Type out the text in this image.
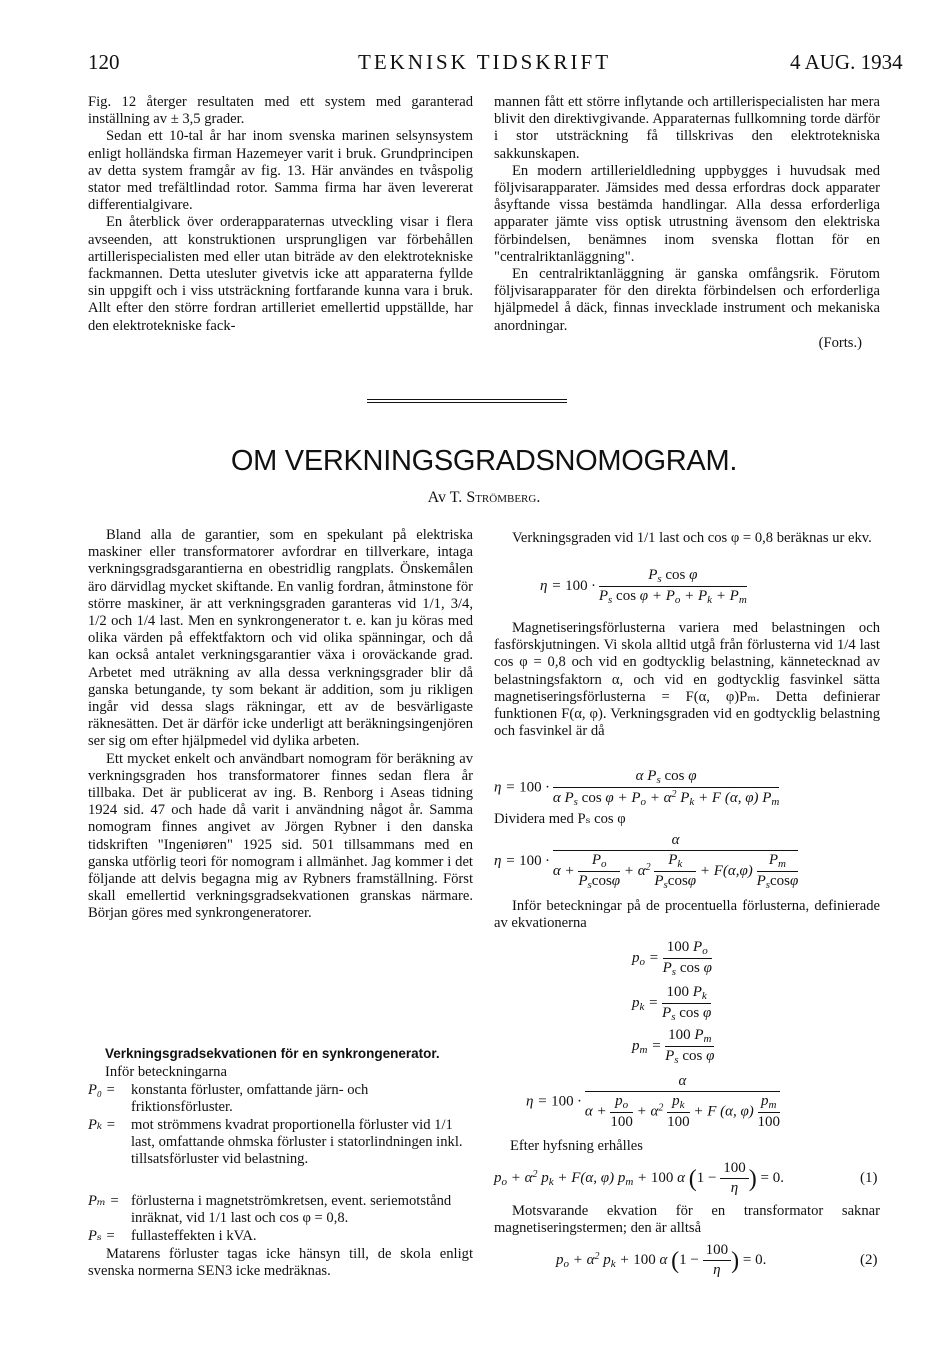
120	TEKNISK TIDSKRIFT	4 AUG. 1934

Fig. 12 återger resultaten med ett system med garanterad inställning av ± 3,5 grader.

Sedan ett 10-tal år har inom svenska marinen selsynsystem enligt holländska firman Hazemeyer varit i bruk. Grundprincipen av detta system framgår av fig. 13. Här användes en tvåspolig stator med trefältlindad rotor. Samma firma har även levererat differentialgivare.

En återblick över orderapparaternas utveckling visar i flera avseenden, att konstruktionen ursprungligen var förbehållen artillerispecialisten med eller utan biträde av den elektrotekniske fackmannen. Detta utesluter givetvis icke att apparaterna fyllde sin uppgift och i viss utsträckning fortfarande kunna vara i bruk. Allt efter den större fordran artilleriet emellertid uppställde, har den elektrotekniske fack-

mannen fått ett större inflytande och artillerispecialisten har mera blivit den direktivgivande. Apparaternas fullkomning torde därför i stor utsträckning få tillskrivas den elektrotekniska sakkunskapen.

En modern artillerieldledning uppbygges i huvudsak med följvisarapparater. Jämsides med dessa erfordras dock apparater åsyftande vissa bestämda handlingar. Alla dessa erforderliga apparater jämte viss optisk utrustning ävensom den elektriska förbindelsen, benämnes inom svenska flottan för en "centralriktanläggning".

En centralriktanläggning är ganska omfångsrik. Förutom följvisarapparater för den direkta förbindelsen och erforderliga hjälpmedel å däck, finnas invecklade instrument och mekaniska anordningar.

(Forts.)

OM VERKNINGSGRADSNOMOGRAM.
Av T. Strömberg.

Bland alla de garantier, som en spekulant på elektriska maskiner eller transformatorer avfordrar en tillverkare, intaga verkningsgradsgarantierna en obestridlig rangplats. Önskemålen äro därvidlag mycket skiftande. En vanlig fordran, åtminstone för större maskiner, är att verkningsgraden garanteras vid 1/1, 3/4, 1/2 och 1/4 last. Men en synkrongenerator t. e. kan ju köras med olika värden på effektfaktorn och vid olika spänningar, och då kan också antalet verkningsgarantier växa i oroväckande grad. Arbetet med uträkning av alla dessa verkningsgrader blir då ganska betungande, ty som bekant är addition, som ju rikligen ingår vid dessa slags räkningar, ett av de besvärligaste räknesätten. Det är därför icke underligt att beräkningsingenjören ser sig om efter hjälpmedel vid dylika arbeten.

Ett mycket enkelt och användbart nomogram för beräkning av verkningsgraden hos transformatorer finnes sedan flera år tillbaka. Det är publicerat av ing. B. Renborg i Aseas tidning 1924 sid. 47 och hade då varit i användning något år. Samma nomogram finnes angivet av Jörgen Rybner i den danska tidskriften "Ingeniøren" 1925 sid. 501 tillsammans med en ganska utförlig teori för nomogram i allmänhet. Jag kommer i det följande att delvis begagna mig av Rybners framställning. Först skall emellertid verkningsgradsekvationen granskas närmare. Början göres med synkrongeneratorer.

Verkningsgradsekvationen för en synkrongenerator.
Inför beteckningarna
P₀ = konstanta förluster, omfattande järn- och friktionsförluster.
Pₖ = mot strömmens kvadrat proportionella förluster vid 1/1 last, omfattande ohmska förluster i statorlindningen inkl. tillsatsförluster vid belastning.
Pₘ = förlusterna i magnetströmkretsen, event. seriemotstånd inräknat, vid 1/1 last och cos φ = 0,8.
Pₛ = fullasteffekten i kVA.

Matarens förluster tagas icke hänsyn till, de skola enligt svenska normerna SEN3 icke medräknas.

Verkningsgraden vid 1/1 last och cos φ = 0,8 beräknas ur ekv.

$\eta = 100 \cdot \frac{P_s \cos \varphi}{P_s \cos \varphi + P_o + P_k + P_m}$

Magnetiseringsförlusterna variera med belastningen och fasförskjutningen. Vi skola alltid utgå från förlusterna vid 1/4 last cos φ = 0,8 och vid en godtycklig belastning, kännetecknad av belastningsfaktorn α, och vid en godtycklig fasvinkel sätta magnetiseringsförlusterna = F(α, φ)Pₘ. Detta definierar funktionen F(α, φ). Verkningsgraden vid en godtycklig belastning och fasvinkel är då

$\eta = 100 \cdot \frac{\alpha P_s \cos \varphi}{\alpha P_s \cos \varphi + P_o + \alpha^2 P_k + F (\alpha, \varphi) P_m}$

Dividera med Pₛ cos φ

$\eta = 100 \cdot \frac{\alpha}{\alpha + \frac{P_o}{P_s\cos\varphi} + \alpha^2 \frac{P_k}{P_s\cos\varphi} + F(\alpha,\varphi) \frac{P_m}{P_s\cos\varphi}}$

Inför beteckningar på de procentuella förlusterna, definierade av ekvationerna

$p_o = \frac{100 P_o}{P_s \cos \varphi}$
$p_k = \frac{100 P_k}{P_s \cos \varphi}$
$p_m = \frac{100 P_m}{P_s \cos \varphi}$
$\eta = 100 \cdot \frac{\alpha}{\alpha + \frac{p_o}{100} + \alpha^2 \frac{p_k}{100} + F (\alpha, \varphi) \frac{p_m}{100}}$

Efter hyfsning erhålles

$p_o + \alpha^2$ $p_k + F(\alpha$, φ) $p_m + 100$ α ($1 - \frac{100}{\eta}$ ) = 0.	(1)

Motsvarande ekvation för en transformator saknar magnetiseringstermen; den är alltså

$p_o + \alpha^2$ $p_k + 100$ α ($1 - \frac{100}{\eta}$ ) = 0.	(2)
